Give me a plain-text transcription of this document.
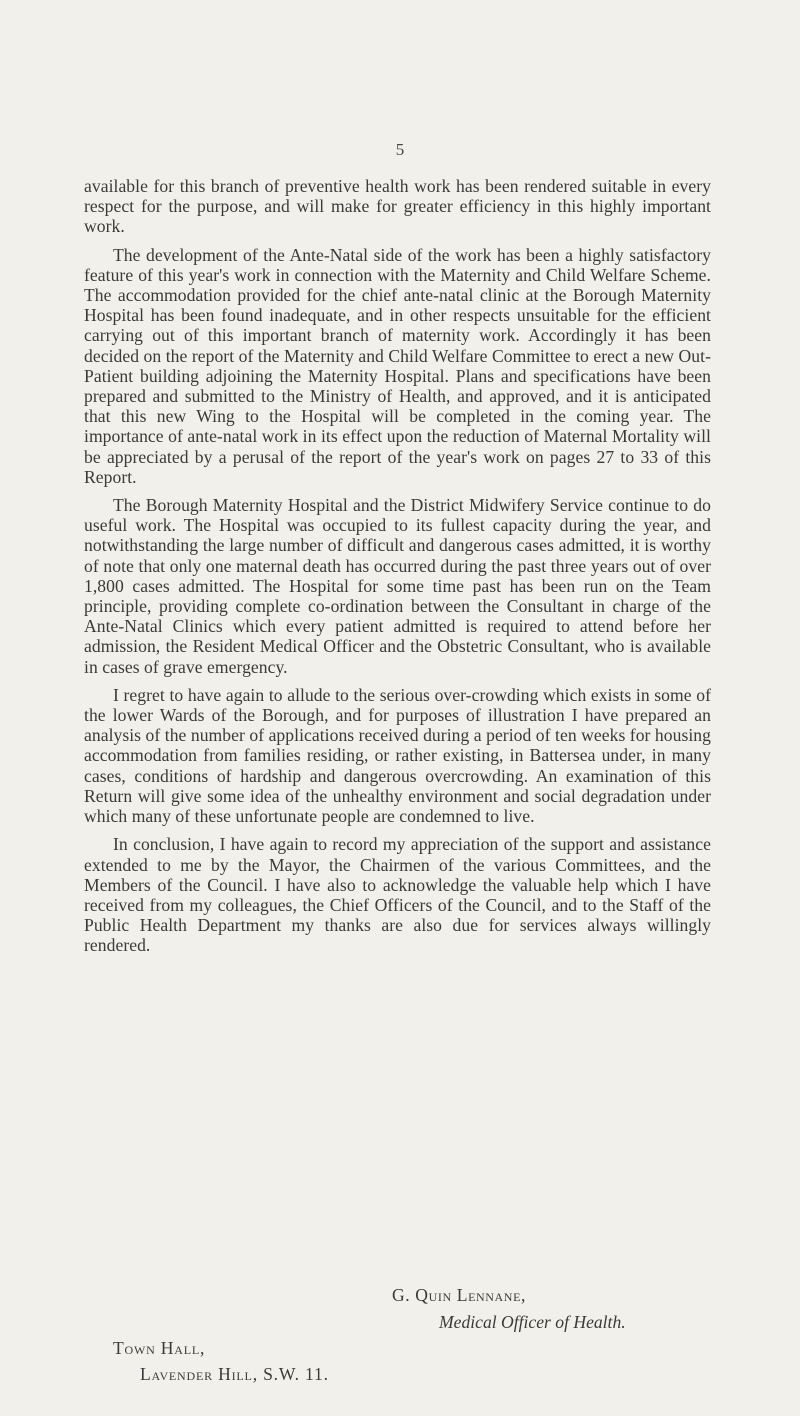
5

available for this branch of preventive health work has been rendered suitable in every respect for the purpose, and will make for greater efficiency in this highly important work.

The development of the Ante-Natal side of the work has been a highly satisfactory feature of this year's work in connection with the Maternity and Child Welfare Scheme. The accommodation provided for the chief ante-natal clinic at the Borough Maternity Hospital has been found inadequate, and in other respects unsuitable for the efficient carrying out of this important branch of maternity work. Accordingly it has been decided on the report of the Maternity and Child Welfare Committee to erect a new Out-Patient building adjoining the Maternity Hospital. Plans and specifications have been prepared and submitted to the Ministry of Health, and approved, and it is anticipated that this new Wing to the Hospital will be completed in the coming year. The importance of ante-natal work in its effect upon the reduction of Maternal Mortality will be appreciated by a perusal of the report of the year's work on pages 27 to 33 of this Report.

The Borough Maternity Hospital and the District Midwifery Service continue to do useful work. The Hospital was occupied to its fullest capacity during the year, and notwithstanding the large number of difficult and dangerous cases admitted, it is worthy of note that only one maternal death has occurred during the past three years out of over 1,800 cases admitted. The Hospital for some time past has been run on the Team principle, providing complete co-ordination between the Consultant in charge of the Ante-Natal Clinics which every patient admitted is required to attend before her admission, the Resident Medical Officer and the Obstetric Consultant, who is available in cases of grave emergency.

I regret to have again to allude to the serious over-crowding which exists in some of the lower Wards of the Borough, and for purposes of illustration I have prepared an analysis of the number of applications received during a period of ten weeks for housing accommodation from families residing, or rather existing, in Battersea under, in many cases, conditions of hardship and dangerous overcrowding. An examination of this Return will give some idea of the unhealthy environment and social degradation under which many of these unfortunate people are condemned to live.

In conclusion, I have again to record my appreciation of the support and assistance extended to me by the Mayor, the Chairmen of the various Committees, and the Members of the Council. I have also to acknowledge the valuable help which I have received from my colleagues, the Chief Officers of the Council, and to the Staff of the Public Health Department my thanks are also due for services always willingly rendered.

G. Quin Lennane,
Medical Officer of Health.
Town Hall,
Lavender Hill, S.W. 11.
